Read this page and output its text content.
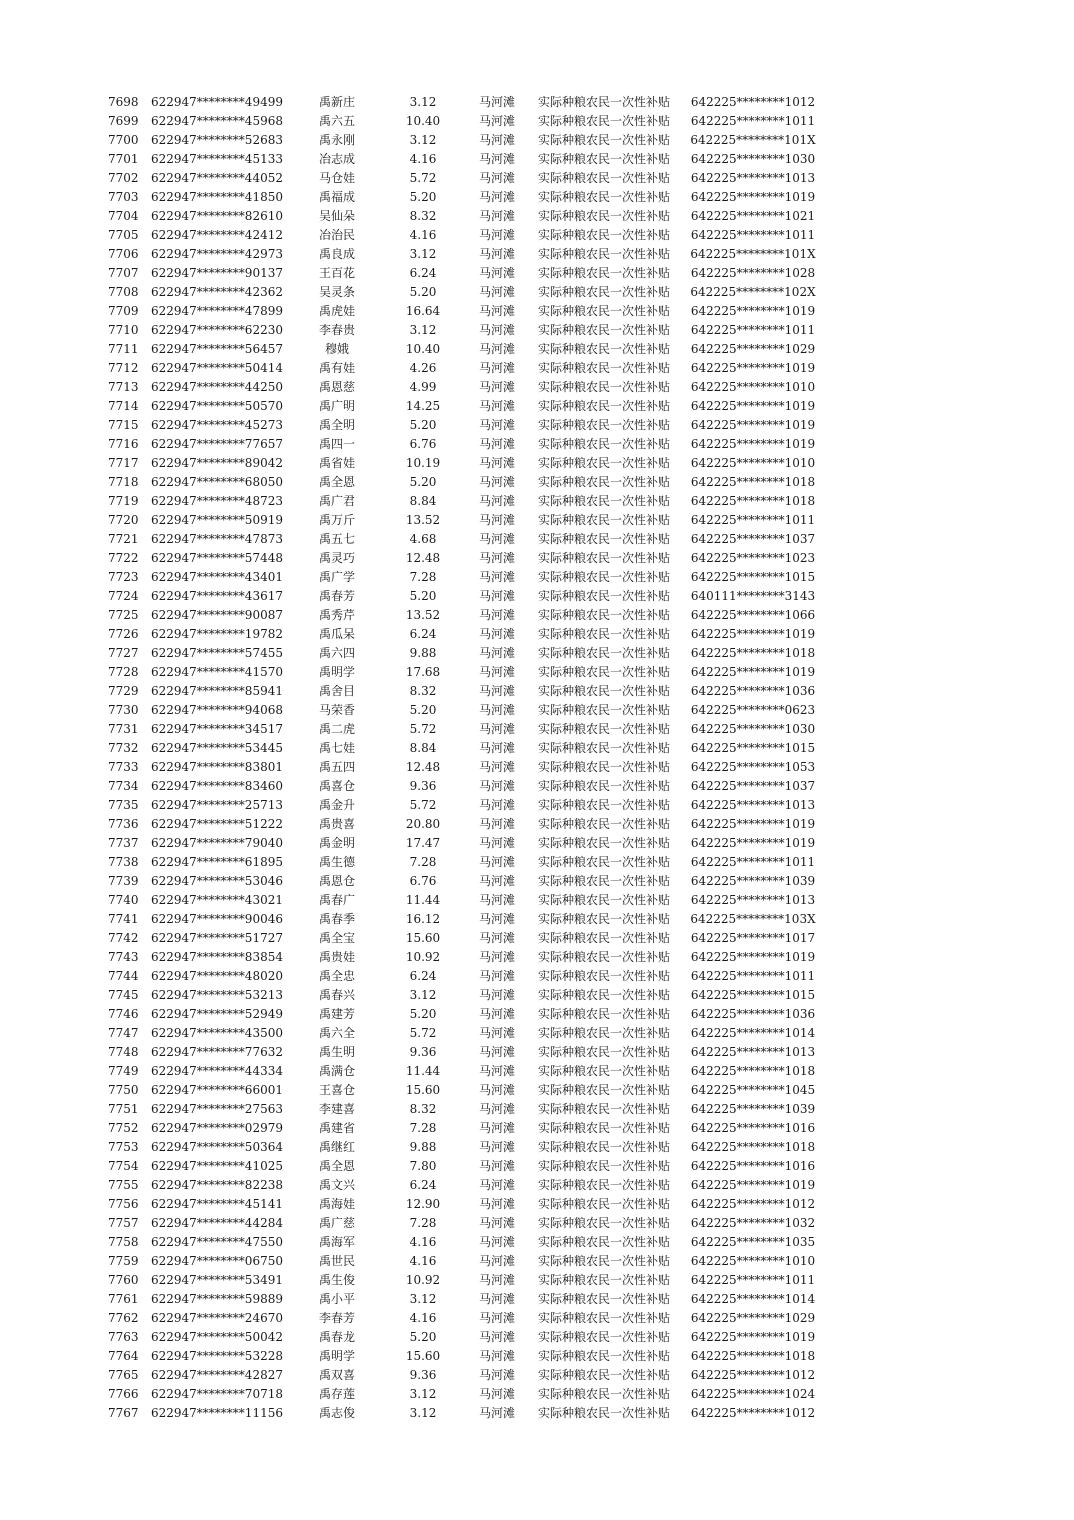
7698	622947********49499	禹新庄	3.12	马河滩	实际种粮农民一次性补贴	642225********1012
7699	622947********45968	禹六五	10.40	马河滩	实际种粮农民一次性补贴	642225********1011
7700	622947********52683	禹永刚	3.12	马河滩	实际种粮农民一次性补贴	642225********101X
7701	622947********45133	冶志成	4.16	马河滩	实际种粮农民一次性补贴	642225********1030
7702	622947********44052	马仓娃	5.72	马河滩	实际种粮农民一次性补贴	642225********1013
7703	622947********41850	禹福成	5.20	马河滩	实际种粮农民一次性补贴	642225********1019
7704	622947********82610	吴仙朵	8.32	马河滩	实际种粮农民一次性补贴	642225********1021
7705	622947********42412	冶治民	4.16	马河滩	实际种粮农民一次性补贴	642225********1011
7706	622947********42973	禹良成	3.12	马河滩	实际种粮农民一次性补贴	642225********101X
7707	622947********90137	王百花	6.24	马河滩	实际种粮农民一次性补贴	642225********1028
7708	622947********42362	吴灵条	5.20	马河滩	实际种粮农民一次性补贴	642225********102X
7709	622947********47899	禹虎娃	16.64	马河滩	实际种粮农民一次性补贴	642225********1019
7710	622947********62230	李春贵	3.12	马河滩	实际种粮农民一次性补贴	642225********1011
7711	622947********56457	穆娥	10.40	马河滩	实际种粮农民一次性补贴	642225********1029
7712	622947********50414	禹有娃	4.26	马河滩	实际种粮农民一次性补贴	642225********1019
7713	622947********44250	禹恩慈	4.99	马河滩	实际种粮农民一次性补贴	642225********1010
7714	622947********50570	禹广明	14.25	马河滩	实际种粮农民一次性补贴	642225********1019
7715	622947********45273	禹全明	5.20	马河滩	实际种粮农民一次性补贴	642225********1019
7716	622947********77657	禹四一	6.76	马河滩	实际种粮农民一次性补贴	642225********1019
7717	622947********89042	禹省娃	10.19	马河滩	实际种粮农民一次性补贴	642225********1010
7718	622947********68050	禹全恩	5.20	马河滩	实际种粮农民一次性补贴	642225********1018
7719	622947********48723	禹广君	8.84	马河滩	实际种粮农民一次性补贴	642225********1018
7720	622947********50919	禹万斤	13.52	马河滩	实际种粮农民一次性补贴	642225********1011
7721	622947********47873	禹五七	4.68	马河滩	实际种粮农民一次性补贴	642225********1037
7722	622947********57448	禹灵巧	12.48	马河滩	实际种粮农民一次性补贴	642225********1023
7723	622947********43401	禹广学	7.28	马河滩	实际种粮农民一次性补贴	642225********1015
7724	622947********43617	禹春芳	5.20	马河滩	实际种粮农民一次性补贴	640111********3143
7725	622947********90087	禹秀芹	13.52	马河滩	实际种粮农民一次性补贴	642225********1066
7726	622947********19782	禹瓜呆	6.24	马河滩	实际种粮农民一次性补贴	642225********1019
7727	622947********57455	禹六四	9.88	马河滩	实际种粮农民一次性补贴	642225********1018
7728	622947********41570	禹明学	17.68	马河滩	实际种粮农民一次性补贴	642225********1019
7729	622947********85941	禹舍目	8.32	马河滩	实际种粮农民一次性补贴	642225********1036
7730	622947********94068	马荣香	5.20	马河滩	实际种粮农民一次性补贴	642225********0623
7731	622947********34517	禹二虎	5.72	马河滩	实际种粮农民一次性补贴	642225********1030
7732	622947********53445	禹七娃	8.84	马河滩	实际种粮农民一次性补贴	642225********1015
7733	622947********83801	禹五四	12.48	马河滩	实际种粮农民一次性补贴	642225********1053
7734	622947********83460	禹喜仓	9.36	马河滩	实际种粮农民一次性补贴	642225********1037
7735	622947********25713	禹金升	5.72	马河滩	实际种粮农民一次性补贴	642225********1013
7736	622947********51222	禹贵喜	20.80	马河滩	实际种粮农民一次性补贴	642225********1019
7737	622947********79040	禹金明	17.47	马河滩	实际种粮农民一次性补贴	642225********1019
7738	622947********61895	禹生德	7.28	马河滩	实际种粮农民一次性补贴	642225********1011
7739	622947********53046	禹恩仓	6.76	马河滩	实际种粮农民一次性补贴	642225********1039
7740	622947********43021	禹春广	11.44	马河滩	实际种粮农民一次性补贴	642225********1013
7741	622947********90046	禹春季	16.12	马河滩	实际种粮农民一次性补贴	642225********103X
7742	622947********51727	禹全宝	15.60	马河滩	实际种粮农民一次性补贴	642225********1017
7743	622947********83854	禹贵娃	10.92	马河滩	实际种粮农民一次性补贴	642225********1019
7744	622947********48020	禹全忠	6.24	马河滩	实际种粮农民一次性补贴	642225********1011
7745	622947********53213	禹春兴	3.12	马河滩	实际种粮农民一次性补贴	642225********1015
7746	622947********52949	禹建芳	5.20	马河滩	实际种粮农民一次性补贴	642225********1036
7747	622947********43500	禹六全	5.72	马河滩	实际种粮农民一次性补贴	642225********1014
7748	622947********77632	禹生明	9.36	马河滩	实际种粮农民一次性补贴	642225********1013
7749	622947********44334	禹满仓	11.44	马河滩	实际种粮农民一次性补贴	642225********1018
7750	622947********66001	王喜仓	15.60	马河滩	实际种粮农民一次性补贴	642225********1045
7751	622947********27563	李建喜	8.32	马河滩	实际种粮农民一次性补贴	642225********1039
7752	622947********02979	禹建省	7.28	马河滩	实际种粮农民一次性补贴	642225********1016
7753	622947********50364	禹继红	9.88	马河滩	实际种粮农民一次性补贴	642225********1018
7754	622947********41025	禹全恩	7.80	马河滩	实际种粮农民一次性补贴	642225********1016
7755	622947********82238	禹文兴	6.24	马河滩	实际种粮农民一次性补贴	642225********1019
7756	622947********45141	禹海娃	12.90	马河滩	实际种粮农民一次性补贴	642225********1012
7757	622947********44284	禹广慈	7.28	马河滩	实际种粮农民一次性补贴	642225********1032
7758	622947********47550	禹海军	4.16	马河滩	实际种粮农民一次性补贴	642225********1035
7759	622947********06750	禹世民	4.16	马河滩	实际种粮农民一次性补贴	642225********1010
7760	622947********53491	禹生俊	10.92	马河滩	实际种粮农民一次性补贴	642225********1011
7761	622947********59889	禹小平	3.12	马河滩	实际种粮农民一次性补贴	642225********1014
7762	622947********24670	李春芳	4.16	马河滩	实际种粮农民一次性补贴	642225********1029
7763	622947********50042	禹春龙	5.20	马河滩	实际种粮农民一次性补贴	642225********1019
7764	622947********53228	禹明学	15.60	马河滩	实际种粮农民一次性补贴	642225********1018
7765	622947********42827	禹双喜	9.36	马河滩	实际种粮农民一次性补贴	642225********1012
7766	622947********70718	禹存莲	3.12	马河滩	实际种粮农民一次性补贴	642225********1024
7767	622947********11156	禹志俊	3.12	马河滩	实际种粮农民一次性补贴	642225********1012
